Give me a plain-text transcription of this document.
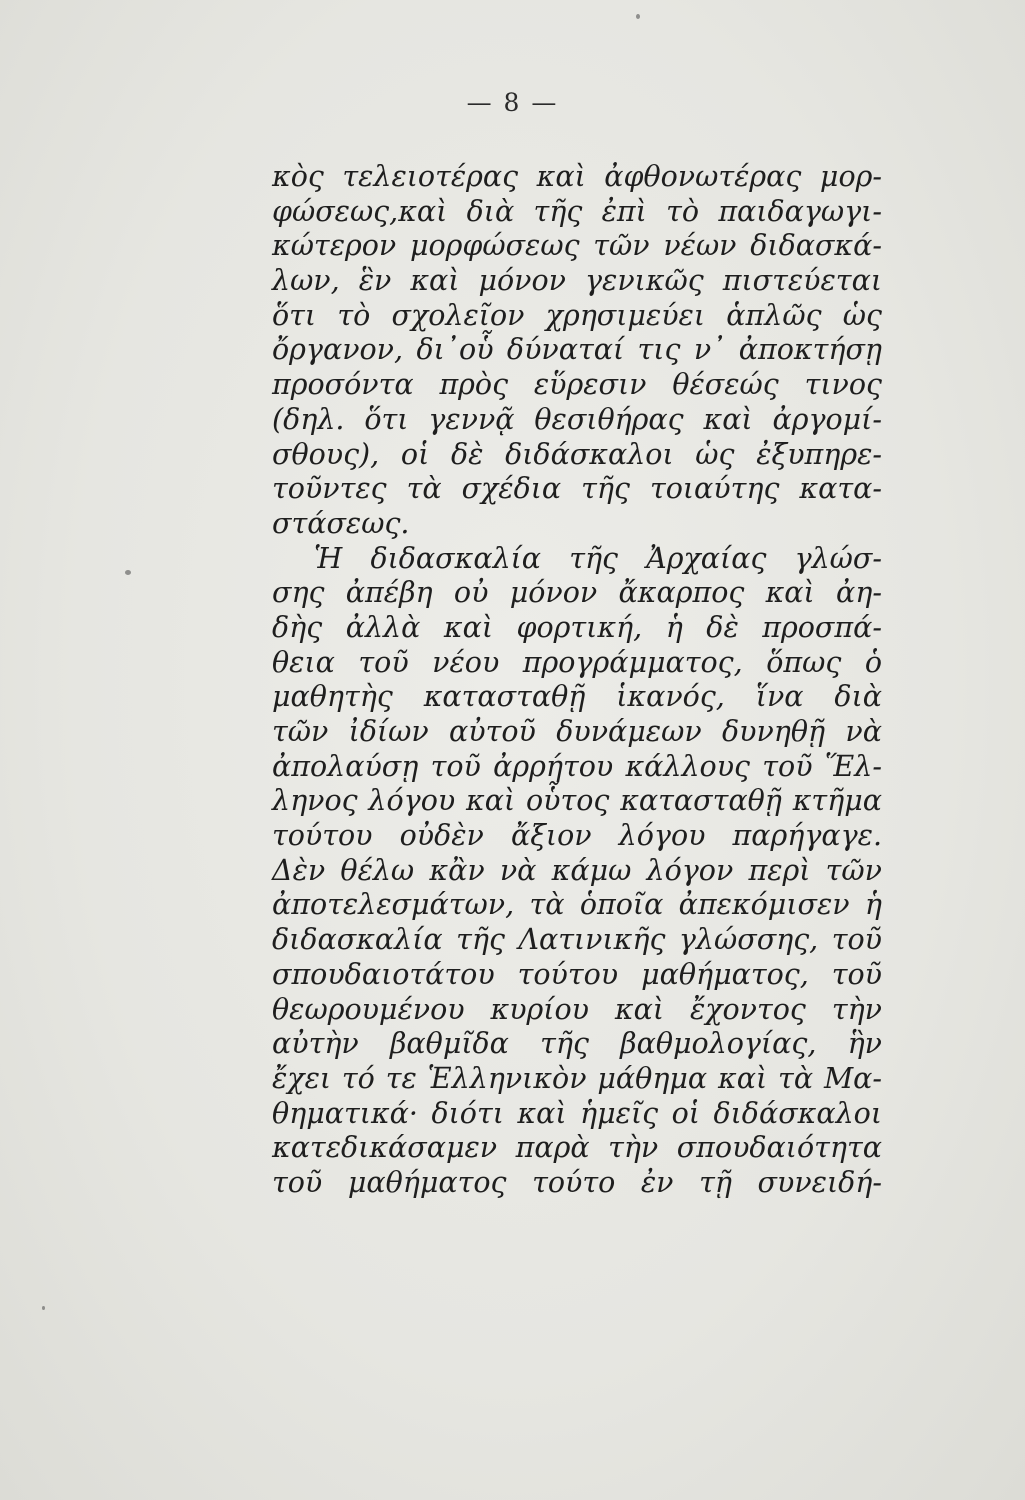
— 8 —
κὸς τελειοτέρας καὶ ἀφθονωτέρας μορ-
φώσεως,καὶ διὰ τῆς ἐπὶ τὸ παιδαγωγι-
κώτερον μορφώσεως τῶν νέων διδασκά-
λων, ἓν καὶ μόνον γενικῶς πιστεύεται
ὅτι τὸ σχολεῖον χρησιμεύει ἁπλῶς ὡς
ὄργανον, δι᾽οὗ δύναταί τις ν᾽ ἀποκτήσῃ
προσόντα πρὸς εὕρεσιν θέσεώς τινος
(δηλ. ὅτι γεννᾷ θεσιθήρας καὶ ἀργομί-
σθους), οἱ δὲ διδάσκαλοι ὡς ἐξυπηρε-
τοῦντες τὰ σχέδια τῆς τοιαύτης κατα-
στάσεως.
Ἡ διδασκαλία τῆς Ἀρχαίας γλώσ-
σης ἀπέβη οὐ μόνον ἄκαρπος καὶ ἀη-
δὴς ἀλλὰ καὶ φορτική, ἡ δὲ προσπά-
θεια τοῦ νέου προγράμματος, ὅπως ὁ
μαθητὴς κατασταθῇ ἱκανός, ἵνα διὰ
τῶν ἰδίων αὐτοῦ δυνάμεων δυνηθῇ νὰ
ἀπολαύσῃ τοῦ ἀρρήτου κάλλους τοῦ Ἕλ-
ληνος λόγου καὶ οὗτος κατασταθῇ κτῆμα
τούτου οὐδὲν ἄξιον λόγου παρήγαγε.
Δὲν θέλω κἂν νὰ κάμω λόγον περὶ τῶν
ἀποτελεσμάτων, τὰ ὁποῖα ἀπεκόμισεν ἡ
διδασκαλία τῆς Λατινικῆς γλώσσης, τοῦ
σπουδαιοτάτου τούτου μαθήματος, τοῦ
θεωρουμένου κυρίου καὶ ἔχοντος τὴν
αὐτὴν βαθμῖδα τῆς βαθμολογίας, ἣν
ἔχει τό τε Ἑλληνικὸν μάθημα καὶ τὰ Μα-
θηματικά· διότι καὶ ἡμεῖς οἱ διδάσκαλοι
κατεδικάσαμεν παρὰ τὴν σπουδαιότητα
τοῦ μαθήματος τούτο ἐν τῇ συνειδή-
